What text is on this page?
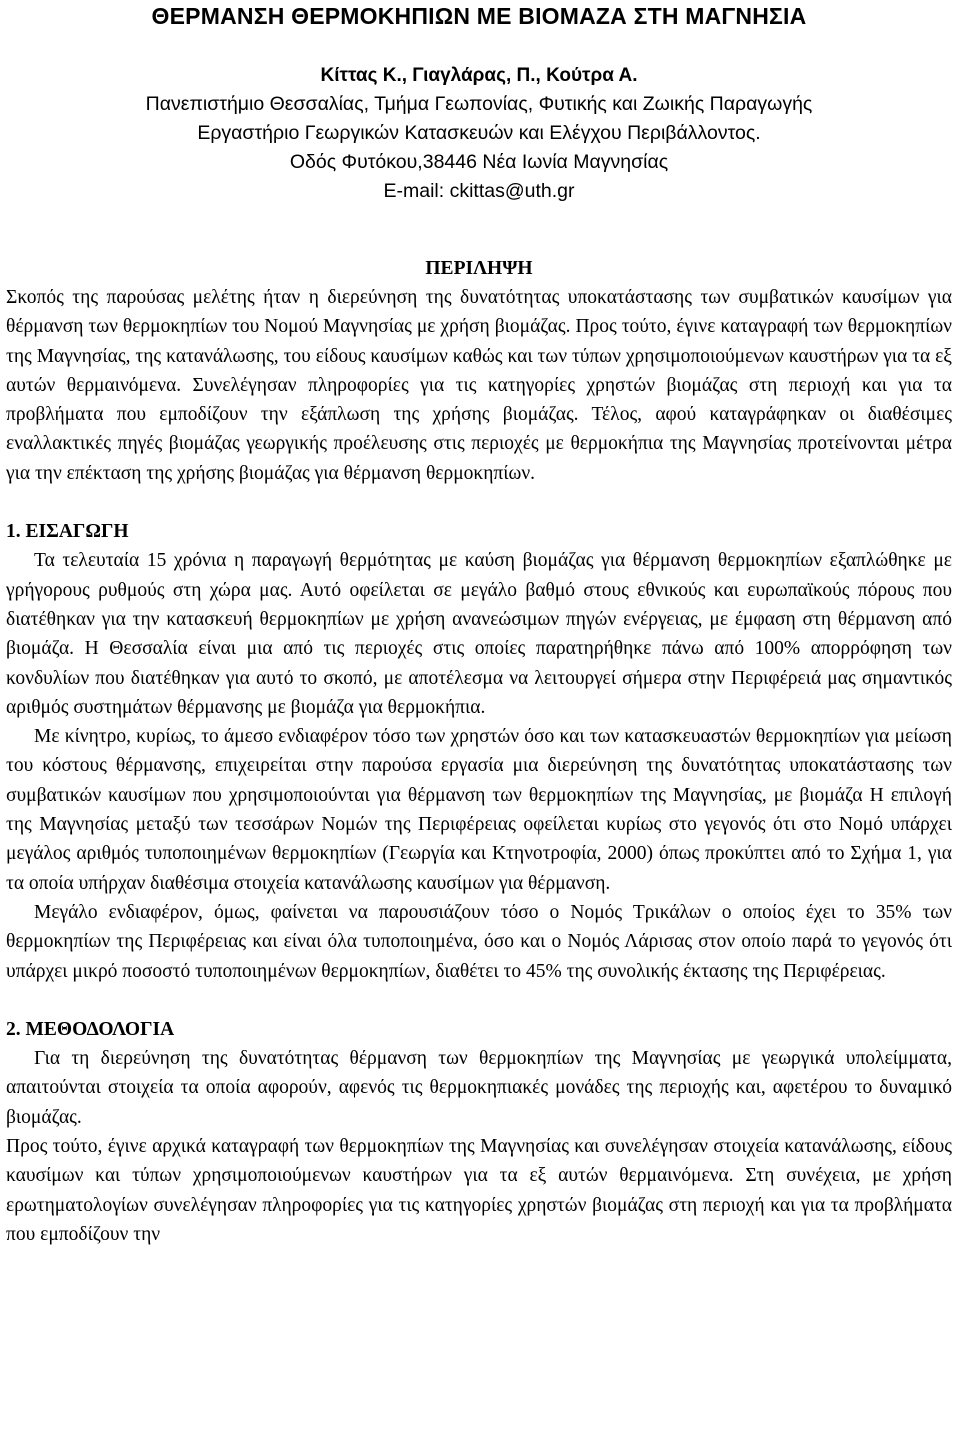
ΘΕΡΜΑΝΣΗ ΘΕΡΜΟΚΗΠΙΩΝ ΜΕ ΒΙΟΜΑΖΑ ΣΤΗ ΜΑΓΝΗΣΙΑ
Κίττας Κ., Γιαγλάρας, Π., Κούτρα Α.
Πανεπιστήμιο Θεσσαλίας, Τμήμα Γεωπονίας, Φυτικής και Ζωικής Παραγωγής
Εργαστήριο Γεωργικών Κατασκευών και Ελέγχου Περιβάλλοντος.
Οδός Φυτόκου,38446 Νέα Ιωνία Μαγνησίας
E-mail: ckittas@uth.gr
ΠΕΡΙΛΗΨΗ

Σκοπός της παρούσας μελέτης ήταν η διερεύνηση της δυνατότητας υποκατάστασης των συμβατικών καυσίμων για θέρμανση των θερμοκηπίων του Νομού Μαγνησίας με χρήση βιομάζας. Προς τούτο, έγινε καταγραφή των θερμοκηπίων της Μαγνησίας, της κατανάλωσης, του είδους καυσίμων καθώς και των τύπων χρησιμοποιούμενων καυστήρων για τα εξ αυτών θερμαινόμενα. Συνελέγησαν πληροφορίες για τις κατηγορίες χρηστών βιομάζας στη περιοχή και για τα προβλήματα που εμποδίζουν την εξάπλωση της χρήσης βιομάζας. Τέλος, αφού καταγράφηκαν οι διαθέσιμες εναλλακτικές πηγές βιομάζας γεωργικής προέλευσης στις περιοχές με θερμοκήπια της Μαγνησίας προτείνονται μέτρα για την επέκταση της χρήσης βιομάζας για θέρμανση θερμοκηπίων.

1. ΕΙΣΑΓΩΓΗ

Τα τελευταία 15 χρόνια η παραγωγή θερμότητας με καύση βιομάζας για θέρμανση θερμοκηπίων εξαπλώθηκε με γρήγορους ρυθμούς στη χώρα μας. Αυτό οφείλεται σε μεγάλο βαθμό στους εθνικούς και ευρωπαϊκούς πόρους που διατέθηκαν για την κατασκευή θερμοκηπίων με χρήση ανανεώσιμων πηγών ενέργειας, με έμφαση στη θέρμανση από βιομάζα. Η Θεσσαλία είναι μια από τις περιοχές στις οποίες παρατηρήθηκε πάνω από 100% απορρόφηση των κονδυλίων που διατέθηκαν για αυτό το σκοπό, με αποτέλεσμα να λειτουργεί σήμερα στην Περιφέρειά μας σημαντικός αριθμός συστημάτων θέρμανσης με βιομάζα για θερμοκήπια.

Με κίνητρο, κυρίως, το άμεσο ενδιαφέρον τόσο των χρηστών όσο και των κατασκευαστών θερμοκηπίων για μείωση του κόστους θέρμανσης, επιχειρείται στην παρούσα εργασία μια διερεύνηση της δυνατότητας υποκατάστασης των συμβατικών καυσίμων που χρησιμοποιούνται για θέρμανση των θερμοκηπίων της Μαγνησίας, με βιομάζα Η επιλογή της Μαγνησίας μεταξύ των τεσσάρων Νομών της Περιφέρειας οφείλεται κυρίως στο γεγονός ότι στο Νομό υπάρχει μεγάλος αριθμός τυποποιημένων θερμοκηπίων (Γεωργία και Κτηνοτροφία, 2000) όπως προκύπτει από το Σχήμα 1, για τα οποία υπήρχαν διαθέσιμα στοιχεία κατανάλωσης καυσίμων για θέρμανση.

Μεγάλο ενδιαφέρον, όμως, φαίνεται να παρουσιάζουν τόσο ο Νομός Τρικάλων ο οποίος έχει το 35% των θερμοκηπίων της Περιφέρειας και είναι όλα τυποποιημένα, όσο και ο Νομός Λάρισας στον οποίο παρά το γεγονός ότι υπάρχει μικρό ποσοστό τυποποιημένων θερμοκηπίων, διαθέτει το 45% της συνολικής έκτασης της Περιφέρειας.

2. ΜΕΘΟΔΟΛΟΓΙΑ

Για τη διερεύνηση της δυνατότητας θέρμανση των θερμοκηπίων της Μαγνησίας με γεωργικά υπολείμματα, απαιτούνται στοιχεία τα οποία αφορούν, αφενός τις θερμοκηπιακές μονάδες της περιοχής και, αφετέρου το δυναμικό βιομάζας.

Προς τούτο, έγινε αρχικά καταγραφή των θερμοκηπίων της Μαγνησίας και συνελέγησαν στοιχεία κατανάλωσης, είδους καυσίμων και τύπων χρησιμοποιούμενων καυστήρων για τα εξ αυτών θερμαινόμενα. Στη συνέχεια, με χρήση ερωτηματολογίων συνελέγησαν πληροφορίες για τις κατηγορίες χρηστών βιομάζας στη περιοχή και για τα προβλήματα που εμποδίζουν την
